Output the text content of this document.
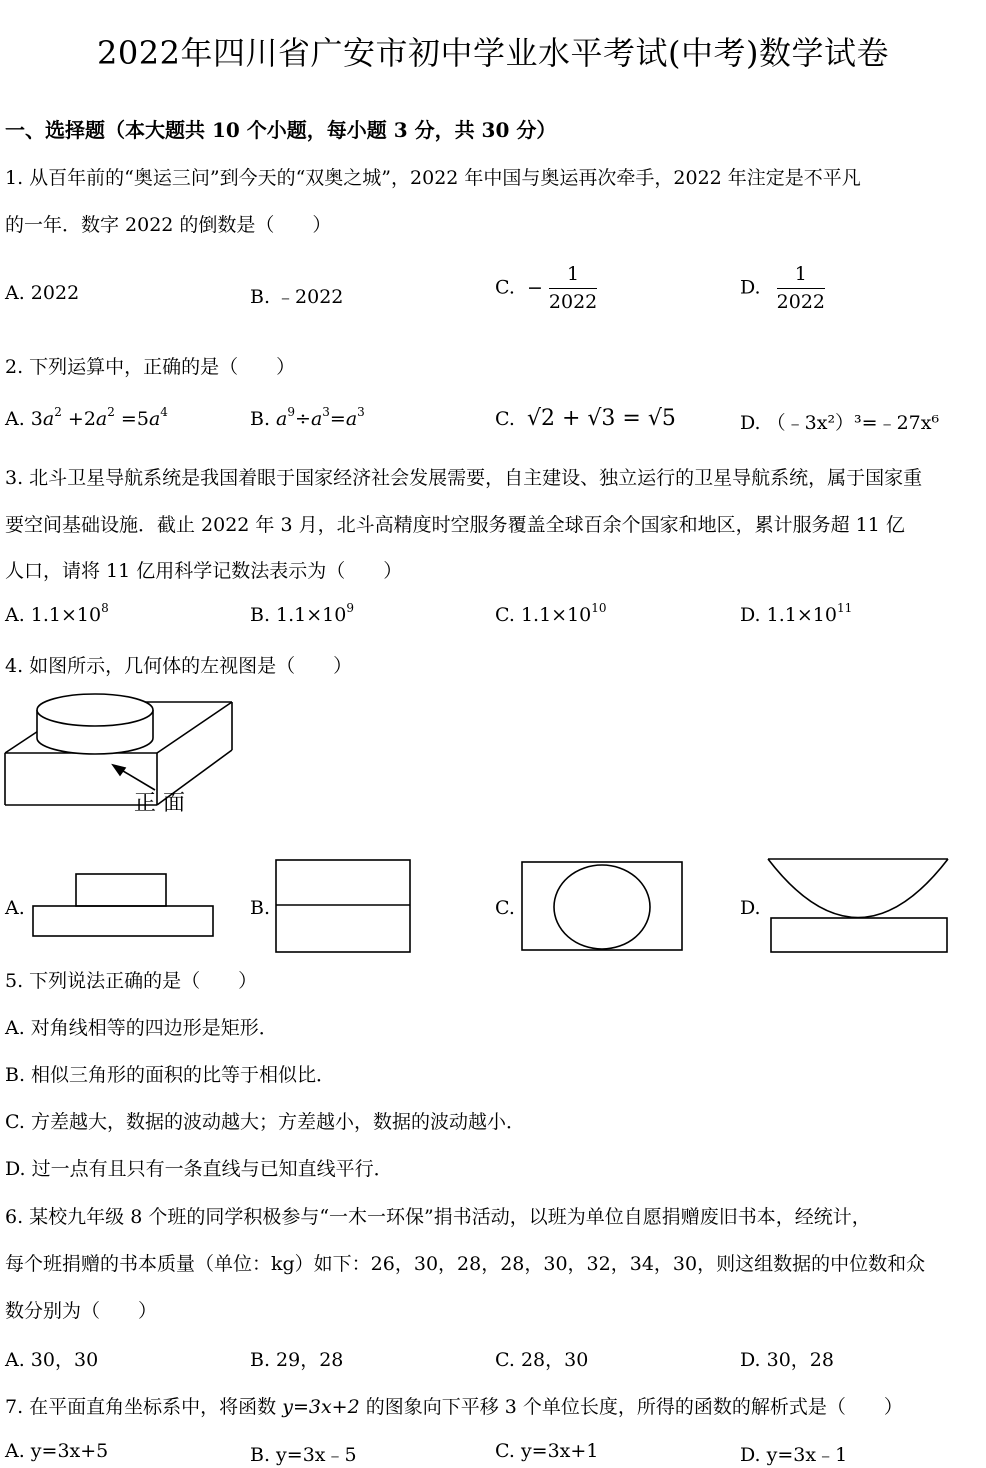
2022年四川省广安市初中学业水平考试(中考)数学试卷
一、选择题（本大题共 10 个小题，每小题 3 分，共 30 分）
1. 从百年前的“奥运三问”到今天的“双奥之城”，2022 年中国与奥运再次牵手，2022 年注定是不平凡
的一年．数字 2022 的倒数是（　　）
A. 2022	B. ﹣2022	C. − $\frac{1}{2022}$	D. $\frac{1}{2022}$
2. 下列运算中，正确的是（　　）
A. $3a^2 +2a^2 =5a^4$	B. $a^9\div a^3=a^3$	C. √2 + √3 = √5	D. （﹣3x²）³=﹣27x⁶
3. 北斗卫星导航系统是我国着眼于国家经济社会发展需要，自主建设、独立运行的卫星导航系统，属于国家重
要空间基础设施．截止 2022 年 3 月，北斗高精度时空服务覆盖全球百余个国家和地区，累计服务超 11 亿
人口，请将 11 亿用科学记数法表示为（　　）
A. $1.1\times 10^8$	B. $1.1\times 10^9$	C. $1.1\times 10^{10}$	D. $1.1\times 10^{11}$
4. 如图所示，几何体的左视图是（　　）
正 面
A.	B.	C.	D.
5. 下列说法正确的是（　　）
A. 对角线相等的四边形是矩形．
B. 相似三角形的面积的比等于相似比．
C. 方差越大，数据的波动越大；方差越小，数据的波动越小．
D. 过一点有且只有一条直线与已知直线平行．
6. 某校九年级 8 个班的同学积极参与“一木一环保”捐书活动，以班为单位自愿捐赠废旧书本，经统计，
每个班捐赠的书本质量（单位：kg）如下：26，30，28，28，30，32，34，30，则这组数据的中位数和众
数分别为（　　）
A. 30，30	B. 29，28	C. 28，30	D. 30，28
7. 在平面直角坐标系中，将函数 y=3x+2 的图象向下平移 3 个单位长度，所得的函数的解析式是（　　）
A. y=3x+5	B. y=3x﹣5	C. y=3x+1	D. y=3x﹣1
